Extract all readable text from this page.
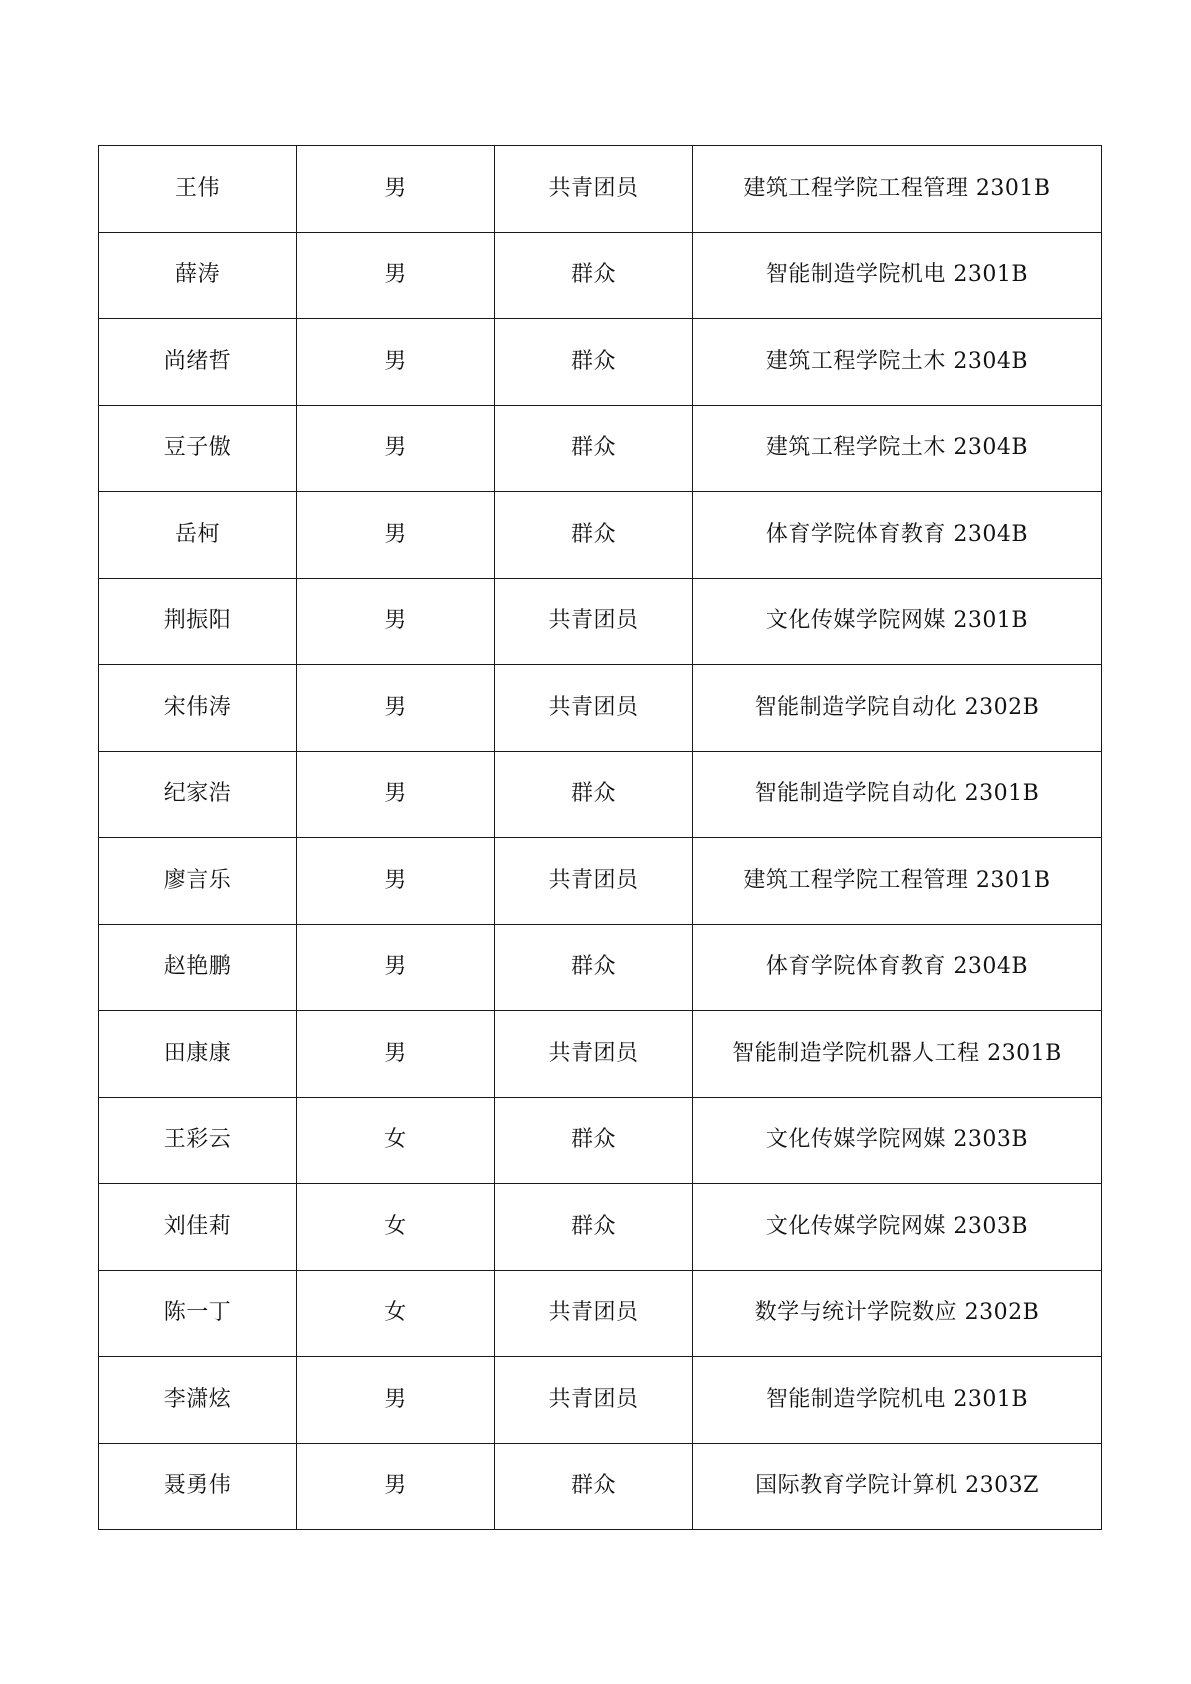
王伟	男	共青团员	建筑工程学院工程管理 2301B
薛涛	男	群众	智能制造学院机电 2301B
尚绪哲	男	群众	建筑工程学院土木 2304B
豆子傲	男	群众	建筑工程学院土木 2304B
岳柯	男	群众	体育学院体育教育 2304B
荆振阳	男	共青团员	文化传媒学院网媒 2301B
宋伟涛	男	共青团员	智能制造学院自动化 2302B
纪家浩	男	群众	智能制造学院自动化 2301B
廖言乐	男	共青团员	建筑工程学院工程管理 2301B
赵艳鹏	男	群众	体育学院体育教育 2304B
田康康	男	共青团员	智能制造学院机器人工程 2301B
王彩云	女	群众	文化传媒学院网媒 2303B
刘佳莉	女	群众	文化传媒学院网媒 2303B
陈一丁	女	共青团员	数学与统计学院数应 2302B
李潇炫	男	共青团员	智能制造学院机电 2301B
聂勇伟	男	群众	国际教育学院计算机 2303Z
